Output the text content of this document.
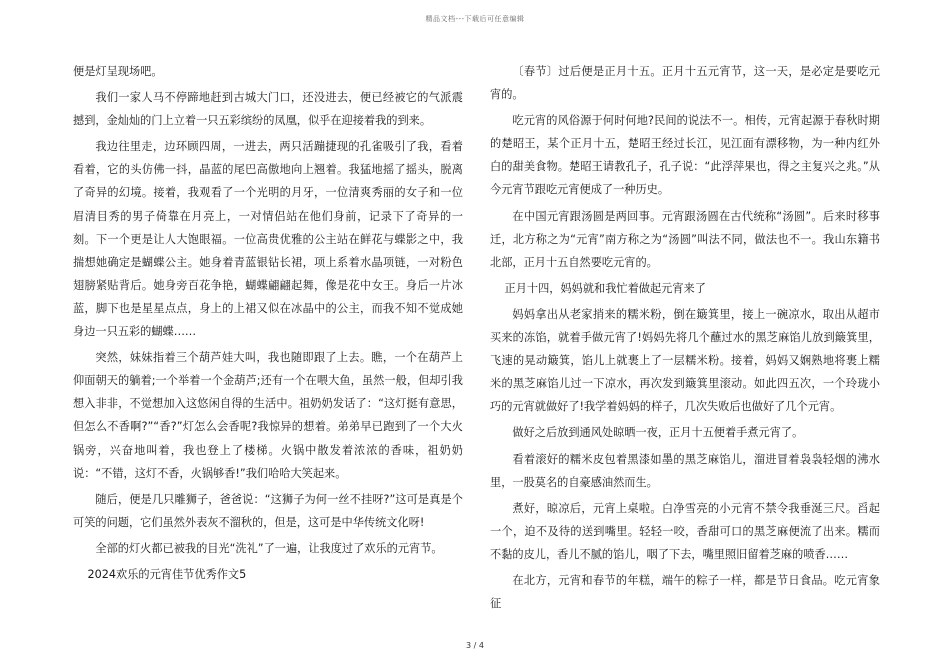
精品文档---下载后可任意编辑

便是灯呈现场吧。

我们一家人马不停蹄地赶到古城大门口，还没进去，便已经被它的气派震撼到，金灿灿的门上立着一只五彩缤纷的凤凰，似乎在迎接着我的到来。

我边往里走，边环顾四周，一进去，两只活蹦捷现的孔雀吸引了我，看着看着，它的头仿佛一抖，晶蓝的尾巴高傲地向上翘着。我猛地摇了摇头，脱离了奇异的幻境。接着，我观看了一个光明的月牙，一位清爽秀丽的女子和一位眉清目秀的男子倚靠在月亮上，一对情侣站在他们身前，记录下了奇异的一刻。下一个更是让人大饱眼福。一位高贵优雅的公主站在鲜花与蝶影之中，我揣想她确定是蝴蝶公主。她身着青蓝银钻长裙，项上系着水晶项链，一对粉色翅膀紧贴背后。她身旁百花争艳，蝴蝶翩翩起舞，像是花中女王。身后一片冰蓝，脚下也是星星点点，身上的上裙又似在冰晶中的公主，而我不知不觉成她身边一只五彩的蝴蝶……

突然，妹妹指着三个葫芦娃大叫，我也随即跟了上去。瞧，一个在葫芦上仰面朝天的躺着;一个举着一个金葫芦;还有一个在喂大鱼，虽然一般，但却引我想入非非，不觉想加入这悠闲自得的生活中。祖奶奶发话了：“这灯挺有意思，但怎么不香啊?”“香?”灯怎么会香呢?我惊异的想着。弟弟早已跑到了一个大火锅旁，兴奋地叫着，我也登上了楼梯。火锅中散发着浓浓的香味，祖奶奶说：“不错，这灯不香，火锅够香!”我们哈哈大笑起来。

随后，便是几只雕狮子，爸爸说：“这狮子为何一丝不挂呀?”这可是真是个可笑的问题，它们虽然外表灰不溜秋的，但是，这可是中华传统文化呀!

全部的灯火都已被我的目光“洗礼”了一遍，让我度过了欢乐的元宵节。

2024欢乐的元宵佳节优秀作文5

〔春节〕过后便是正月十五。正月十五元宵节，这一天，是必定是要吃元宵的。

吃元宵的风俗源于何时何地?民间的说法不一。相传，元宵起源于春秋时期的楚昭王，某个正月十五，楚昭王经过长江，见江面有漂移物，为一种内红外白的甜美食物。楚昭王请教孔子，孔子说：“此浮萍果也，得之主复兴之兆。”从今元宵节跟吃元宵便成了一种历史。

在中国元宵跟汤圆是两回事。元宵跟汤圆在古代统称“汤圆”。后来时移事迁，北方称之为“元宵”南方称之为“汤圆”叫法不同，做法也不一。我山东籍书北部，正月十五自然要吃元宵的。

正月十四，妈妈就和我忙着做起元宵来了

妈妈拿出从老家捎来的糯米粉，倒在簸箕里，接上一碗凉水，取出从超市买来的冻馅，就着手做元宵了!妈妈先将几个蘸过水的黑芝麻馅儿放到簸箕里，飞速的晃动簸箕，馅儿上就裹上了一层糯米粉。接着，妈妈又娴熟地将裹上糯米的黑芝麻馅儿过一下凉水，再次发到簸箕里滚动。如此四五次，一个玲珑小巧的元宵就做好了!我学着妈妈的样子，几次失败后也做好了几个元宵。

做好之后放到通风处晾晒一夜，正月十五便着手煮元宵了。

看着滚好的糯米皮包着黑漆如墨的黑芝麻馅儿，溜进冒着袅袅轻烟的沸水里，一股莫名的自豪感油然而生。

煮好，晾凉后，元宵上桌啦。白净雪亮的小元宵不禁令我垂涎三尺。舀起一个，迫不及待的送到嘴里。轻轻一咬，香甜可口的黑芝麻便流了出来。糯而不黏的皮儿，香儿不腻的馅儿，咽了下去，嘴里照旧留着芝麻的喷香……

在北方，元宵和春节的年糕，端午的粽子一样，都是节日食品。吃元宵象征

3 / 4
